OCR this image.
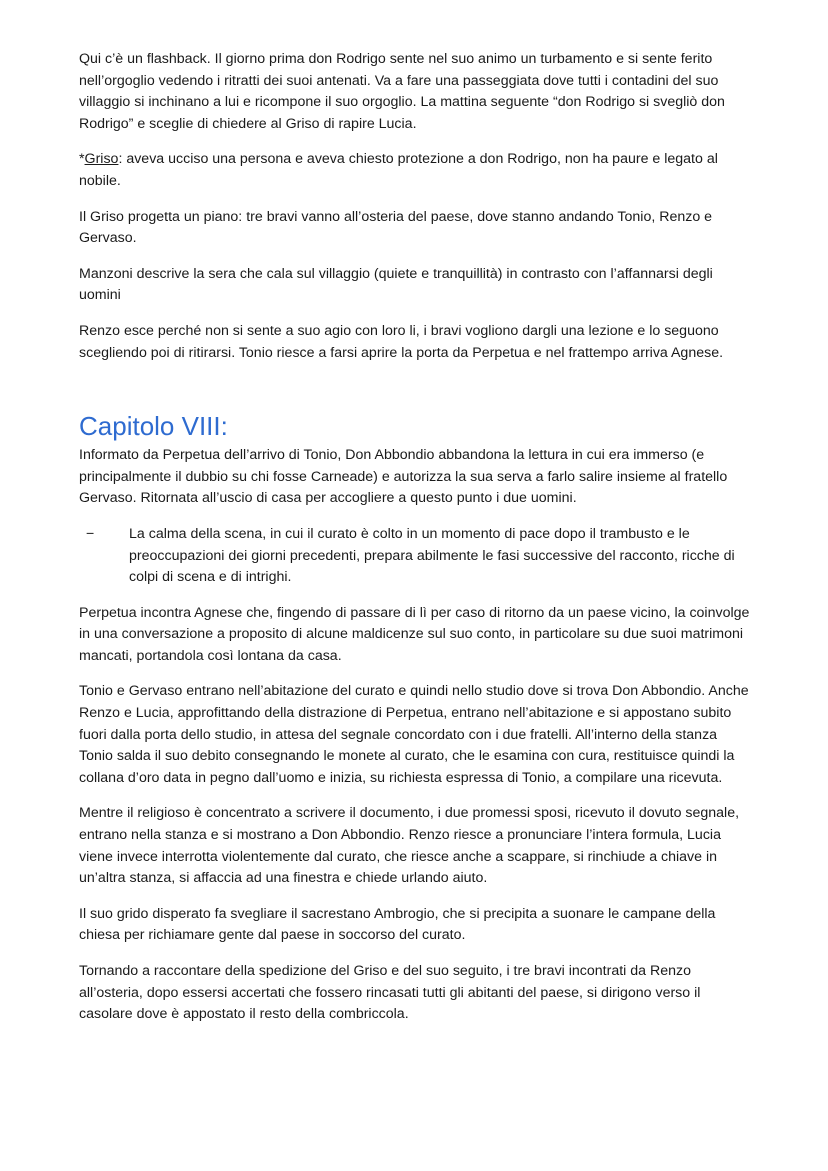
Qui c’è un flashback. Il giorno prima don Rodrigo sente nel suo animo un turbamento e si sente ferito nell’orgoglio vedendo i ritratti dei suoi antenati. Va a fare una passeggiata dove tutti i contadini del suo villaggio si inchinano a lui e ricompone il suo orgoglio. La mattina seguente “don Rodrigo si svegliò don Rodrigo” e sceglie di chiedere al Griso di rapire Lucia.

*Griso: aveva ucciso una persona e aveva chiesto protezione a don Rodrigo, non ha paure e legato al nobile.

Il Griso progetta un piano: tre bravi vanno all’osteria del paese, dove stanno andando Tonio, Renzo e Gervaso.

Manzoni descrive la sera che cala sul villaggio (quiete e tranquillità) in contrasto con l’affannarsi degli uomini

Renzo esce perché non si sente a suo agio con loro li, i bravi vogliono dargli una lezione e lo seguono scegliendo poi di ritirarsi. Tonio riesce a farsi aprire la porta da Perpetua e nel frattempo arriva Agnese.

Capitolo VIII:

Informato da Perpetua dell’arrivo di Tonio, Don Abbondio abbandona la lettura in cui era immerso (e principalmente il dubbio su chi fosse Carneade) e autorizza la sua serva a farlo salire insieme al fratello Gervaso. Ritornata all’uscio di casa per accogliere a questo punto i due uomini.

− La calma della scena, in cui il curato è colto in un momento di pace dopo il trambusto e le preoccupazioni dei giorni precedenti, prepara abilmente le fasi successive del racconto, ricche di colpi di scena e di intrighi.

Perpetua incontra Agnese che, fingendo di passare di lì per caso di ritorno da un paese vicino, la coinvolge in una conversazione a proposito di alcune maldicenze sul suo conto, in particolare su due suoi matrimoni mancati, portandola così lontana da casa.

Tonio e Gervaso entrano nell’abitazione del curato e quindi nello studio dove si trova Don Abbondio. Anche Renzo e Lucia, approfittando della distrazione di Perpetua, entrano nell’abitazione e si appostano subito fuori dalla porta dello studio, in attesa del segnale concordato con i due fratelli. All’interno della stanza Tonio salda il suo debito consegnando le monete al curato, che le esamina con cura, restituisce quindi la collana d’oro data in pegno dall’uomo e inizia, su richiesta espressa di Tonio, a compilare una ricevuta.

Mentre il religioso è concentrato a scrivere il documento, i due promessi sposi, ricevuto il dovuto segnale, entrano nella stanza e si mostrano a Don Abbondio. Renzo riesce a pronunciare l’intera formula, Lucia viene invece interrotta violentemente dal curato, che riesce anche a scappare, si rinchiude a chiave in un’altra stanza, si affaccia ad una finestra e chiede urlando aiuto.

Il suo grido disperato fa svegliare il sacrestano Ambrogio, che si precipita a suonare le campane della chiesa per richiamare gente dal paese in soccorso del curato.

Tornando a raccontare della spedizione del Griso e del suo seguito, i tre bravi incontrati da Renzo all’osteria, dopo essersi accertati che fossero rincasati tutti gli abitanti del paese, si dirigono verso il casolare dove è appostato il resto della combriccola.
